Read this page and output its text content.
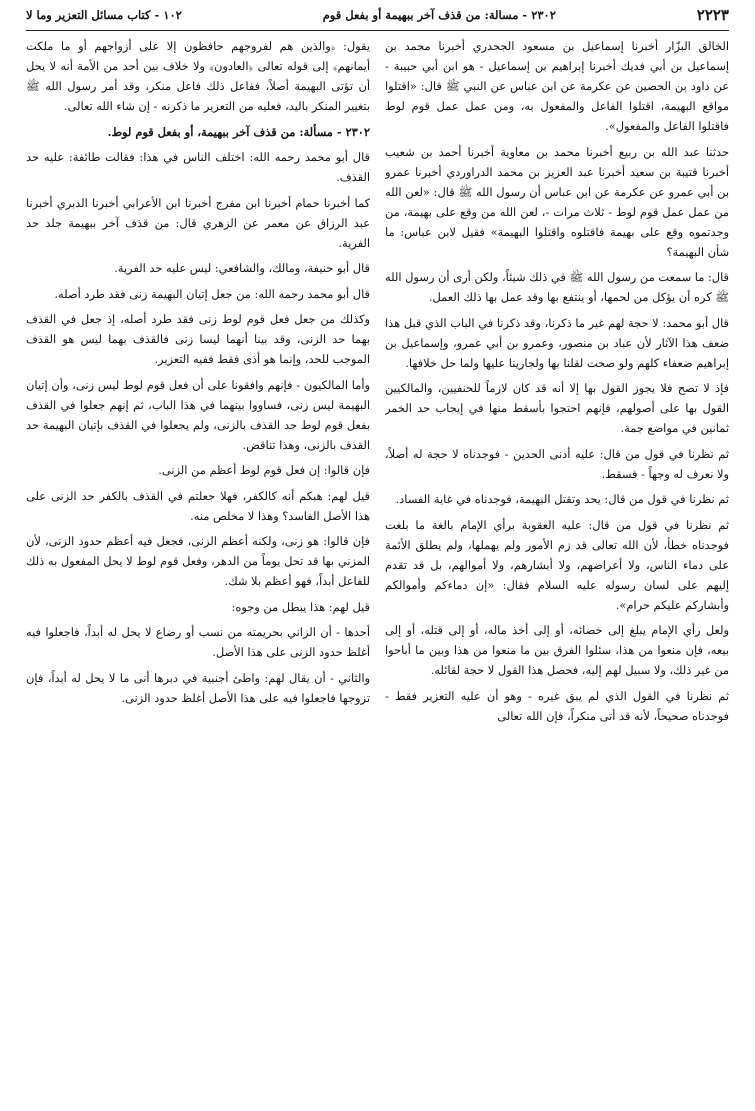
٢٢٢٣
٢٣٠٢ - مسالة: من قذف آخر ببهيمة أو بفعل قوم
١٠٢ - كتاب مسائل التعزير وما لا

الخالق البزّار أخبرنا إسماعيل بن مسعود الجحدري أخبرنا محمد بن إسماعيل بن أبي فديك أخبرنا إبراهيم بن إسماعيل - هو ابن أبي حبيبة - عن داود بن الحصين عن عكرمة عن ابن عباس عن النبي ﷺ قال: «اقتلوا مواقع البهيمة، اقتلوا الفاعل والمفعول به، ومن عمل عمل قوم لوط فاقتلوا الفاعل والمفعول».

حدثنا عبد الله بن ربيع أخبرنا محمد بن معاوية أخبرنا أحمد بن شعيب أخبرنا قتيبة بن سعيد أخبرنا عبد العزيز بن محمد الدراوردي أخبرنا عمرو بن أبي عمرو عن عكرمة عن ابن عباس أن رسول الله ﷺ قال: «لعن الله من عمل عمل قوم لوط - ثلاث مرات -، لعن الله من وقع على بهيمة، من وجدتموه وقع على بهيمة فاقتلوه واقتلوا البهيمة» فقيل لابن عباس: ما شأن البهيمة؟

قال: ما سمعت من رسول الله ﷺ في ذلك شيئاً، ولكن أرى أن رسول الله ﷺ كره أن يؤكل من لحمها، أو ينتفع بها وقد عمل بها ذلك العمل.

قال أبو محمد: لا حجة لهم غير ما ذكرنا، وقد ذكرنا في الباب الذي قبل هذا ضعف هذا الآثار لأن عباد بن منصور، وعمرو بن أبي عمرو، وإسماعيل بن إبراهيم ضعفاء كلهم ولو صحت لقلنا بها ولجارينا عليها ولما حل خلافها.

فإذ لا تصح فلا يجوز القول بها إلا أنه قد كان لازماً للحنفيين، والمالكيين القول بها على أصولهم، فإنهم احتجوا بأسقط منها في إيجاب حد الخمر ثمانين في مواضع جمة.

ثم نظرنا في قول من قال: عليه أدنى الحدين - فوجدناه لا حجة له أصلاً، ولا نعرف له وجهاً - فسقط.

ثم نظرنا في قول من قال: يحد وتقتل البهيمة، فوجدناه في غاية الفساد.

ثم نظرنا في قول من قال: عليه العقوبة برأي الإمام بالغة ما بلغت فوجدناه خطأ، لأن الله تعالى قد زم الأمور ولم يهملها، ولم يطلق الأئمة على دماء الناس، ولا أعراضهم، ولا أبشارهم، ولا أموالهم، بل قد تقدم إليهم على لسان رسوله عليه السلام فقال: «إن دماءكم وأموالكم وأبشاركم عليكم حرام».

ولعل رأي الإمام يبلغ إلى خصائه، أو إلى أخذ ماله، أو إلى قتله، أو إلى بيعه، فإن منعوا من هذا، سئلوا الفرق بين ما منعوا من هذا وبين ما أباحوا من غير ذلك، ولا سبيل لهم إليه، فحصل هذا القول لا حجة لقائله.

ثم نظرنا في القول الذي لم يبق غيره - وهو أن عليه التعزير فقط - فوجدناه صحيحاً، لأنه قد أتى منكراً، فإن الله تعالى

يقول: ﴿والذين هم لفروجهم حافظون إلا على أزواجهم أو ما ملكت أيمانهم﴾ إلى قوله تعالى ﴿العادون﴾ ولا خلاف بين أحد من الأمة أنه لا يحل أن تؤتى البهيمة أصلاً، ففاعل ذلك فاعل منكر، وقد أمر رسول الله ﷺ بتغيير المنكر باليد، فعليه من التعزير ما ذكرنه - إن شاء الله تعالى.

٢٣٠٢ - مسألة: من قذف آخر ببهيمة، أو بفعل قوم لوط.

قال أبو محمد رحمه الله: اختلف الناس في هذا: فقالت طائفة: عليه حد القذف.

كما أخبرنا حمام أخبرنا ابن مفرج أخبرنا ابن الأعرابي أخبرنا الدبري أخبرنا عبد الرزاق عن معمر عن الزهري قال: من قذف آخر ببهيمة جلد حد الفرية.

قال أبو حنيفة، ومالك، والشافعي: ليس عليه حد الفرية.

قال أبو محمد رحمه الله: من جعل إتيان البهيمة زنى فقد طرد أصله.

وكذلك من جعل فعل قوم لوط زنى فقد طرد أصله، إذ جعل في القذف بهما حد الزنى، وقد بينا أنهما ليسا زنى فالقذف بهما ليس هو القذف الموجب للحد، وإنما هو أذى فقط ففيه التعزير.

وأما المالكيون - فإنهم وافقونا على أن فعل قوم لوط ليس زنى، وأن إتيان البهيمة ليس زنى، فساووا بينهما في هذا الباب، ثم إنهم جعلوا في القذف بفعل قوم لوط حد القذف بالزنى، ولم يجعلوا في القذف بإتيان البهيمة حد القذف بالزنى، وهذا تناقض.

فإن قالوا: إن فعل قوم لوط أعظم من الزنى.

قيل لهم: هبكم أنه كالكفر، فهلا جعلتم في القذف بالكفر حد الزنى على هذا الأصل الفاسد؟ وهذا لا مخلص منه.

فإن قالوا: هو زنى، ولكنه أعظم الزنى، فجعل فيه أعظم حدود الزنى، لأن المزني بها قد تحل يوماً من الدهر، وفعل قوم لوط لا يحل المفعول به ذلك للفاعل أبداً، فهو أعظم بلا شك.

قيل لهم: هذا يبطل من وجوه:

أحدها - أن الزاني بحريمته من نسب أو رضاع لا يحل له أبداً، فاجعلوا فيه أغلظ حدود الزنى على هذا الأصل.

والثاني - أن يقال لهم: واطئ أجنبية في دبرها أنى ما لا يحل له أبداً، فإن تزوجها فاجعلوا فيه على هذا الأصل أغلظ حدود الزنى.
